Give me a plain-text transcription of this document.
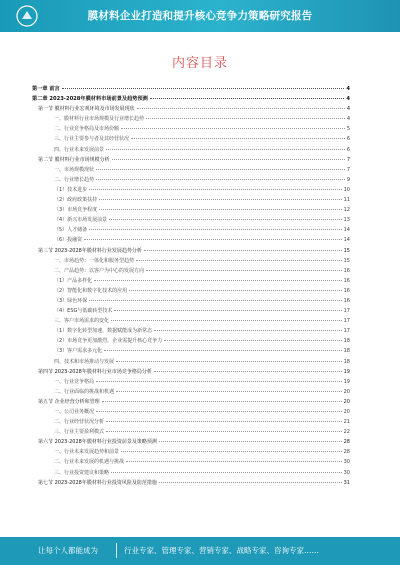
膜材料企业打造和提升核心竞争力策略研究报告
内容目录
第一章 前言	4
第二章 2023-2028年膜材料市场前景及趋势预测	4
第一节 膜材料行业宏观环境及市场发展现状	4
一、膜材料行业市场规模及行业增长趋势	4
二、行业竞争格局及市场份额	5
三、行业主要参与者及其经营状况	6
四、行业未来发展前景	6
第二节 膜材料行业市场规模分析	7
一、市场规模现状	7
二、行业增长趋势	9
（1）技术进步	10
（2）政府政策扶持	11
（3）市场竞争程度	12
（4）新兴市场发展前景	13
（5）人才储备	14
（6）投融资	14
第三节 2023-2028年膜材料行业发展趋势分析	15
一、市场趋势：一体化和服务型趋势	15
二、产品趋势：以客户为中心的发展方向	16
（1）产品多样化	16
（2）智能化和数字化技术的应用	16
（3）绿色环保	16
（4）ESG与低碳转型技术	17
三、客户市场需求的变化	17
（1）数字化转型加速，数据赋能成为新常态	17
（2）市场竞争更加激烈，企业需提升核心竞争力	18
（3）客户需求多元化	18
四、技术和市场推动与发展	18
第四节 2023-2028年膜材料行业市场竞争格局分析	19
一、行业竞争格局	19
二、行业面临的挑战和机遇	20
第五节 企业经营分析和管理	20
一、公司业务概况	20
二、行业经营状况分析	21
三、行业主要盈利模式	22
第六节 2023-2028年膜材料行业投资前景及策略预测	28
一、行业未来发展趋势和前景	28
二、行业未来发展的机遇与挑战	30
三、行业投资建议和策略	30
第七节 2023-2028年膜材料行业投资风险及防范措施	31
让每个人都能成为	行业专家、管理专家、营销专家、战略专家、咨询专家……
